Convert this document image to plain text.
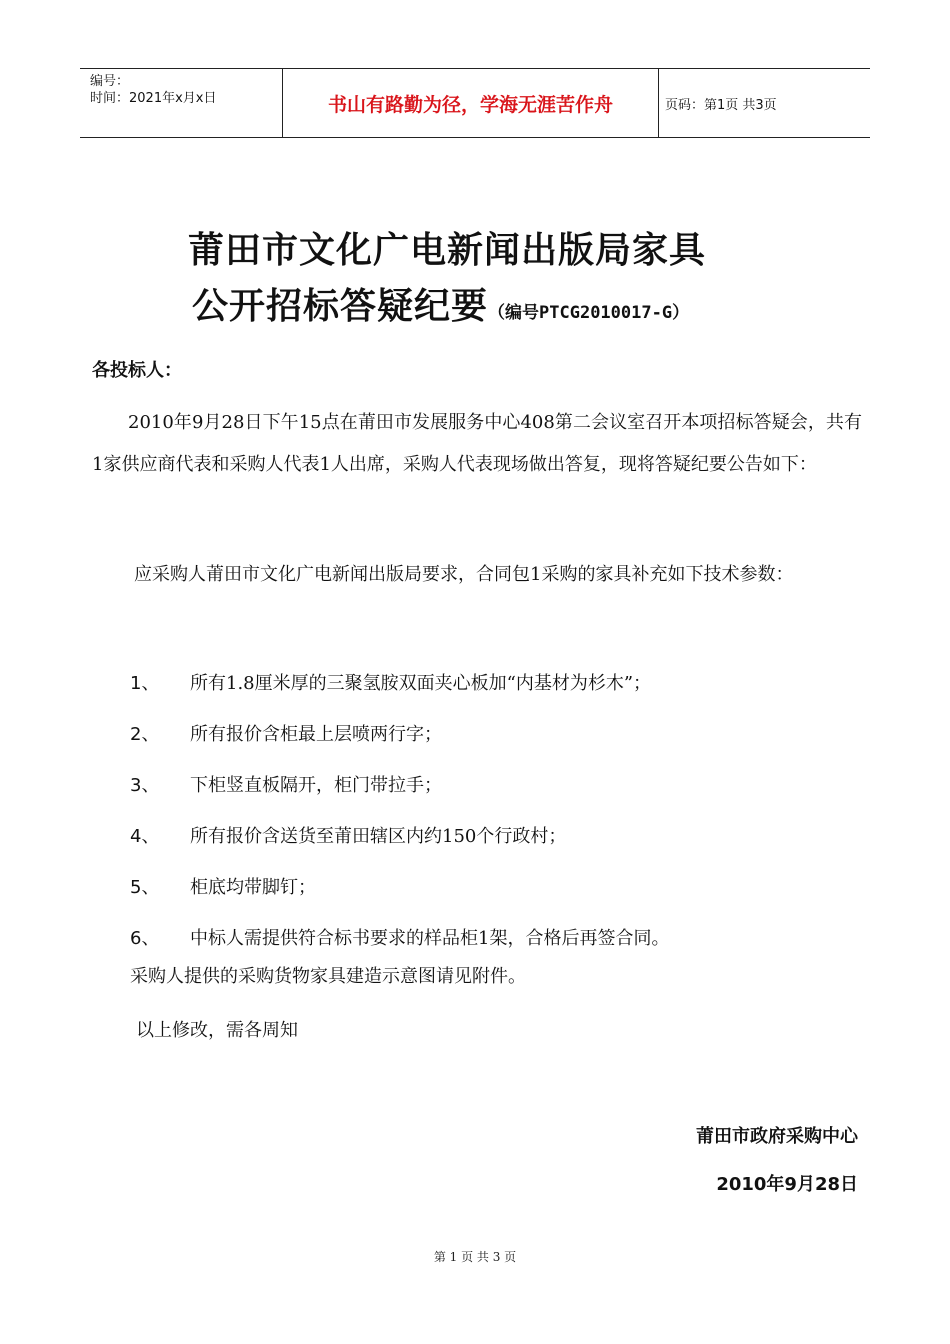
编号：
时间：2021年x月x日	书山有路勤为径，学海无涯苦作舟	页码：第1页 共3页
莆田市文化广电新闻出版局家具
公开招标答疑纪要（编号PTCG2010017-G）
各投标人：
2010年9月28日下午15点在莆田市发展服务中心408第二会议室召开本项招标答疑会，共有1家供应商代表和采购人代表1人出席，采购人代表现场做出答复，现将答疑纪要公告如下：
应采购人莆田市文化广电新闻出版局要求，合同包1采购的家具补充如下技术参数：
1、	所有1.8厘米厚的三聚氢胺双面夹心板加“内基材为杉木”；
2、	所有报价含柜最上层喷两行字；
3、	下柜竖直板隔开，柜门带拉手；
4、	所有报价含送货至莆田辖区内约150个行政村；
5、	柜底均带脚钉；
6、	中标人需提供符合标书要求的样品柜1架，合格后再签合同。
采购人提供的采购货物家具建造示意图请见附件。
以上修改，需各周知
莆田市政府采购中心
2010年9月28日
第 1 页 共 3 页
